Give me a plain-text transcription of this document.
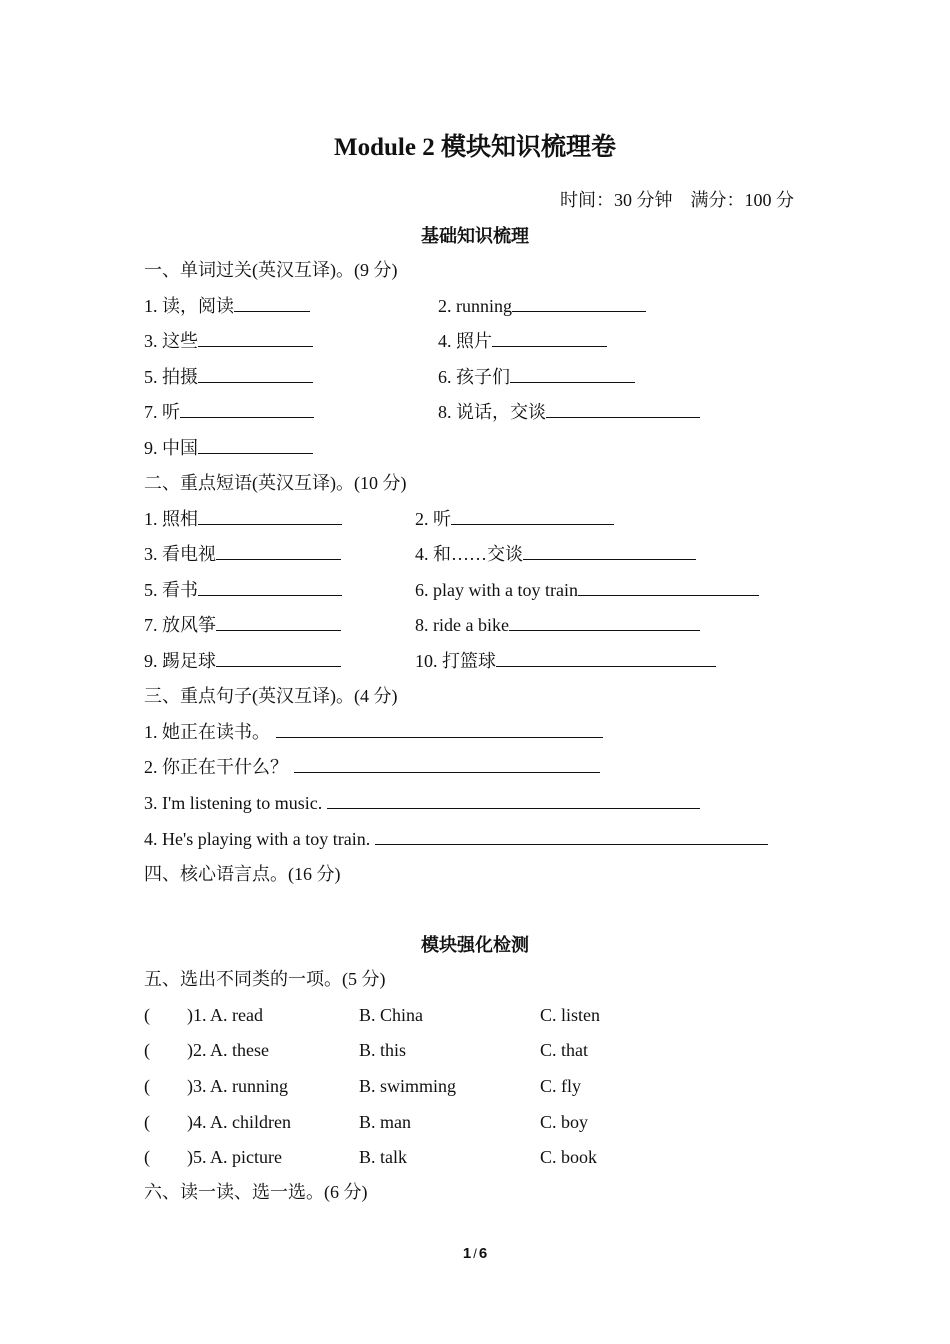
Module 2 模块知识梳理卷
时间：30 分钟　满分：100 分
基础知识梳理
一、单词过关(英汉互译)。(9 分)
1. 读，阅读	2. running
3. 这些	4. 照片
5. 拍摄	6. 孩子们
7. 听	8. 说话，交谈
9. 中国
二、重点短语(英汉互译)。(10 分)
1. 照相	2. 听
3. 看电视	4. 和……交谈
5. 看书	6. play with a toy train
7. 放风筝	8. ride a bike
9. 踢足球	10. 打篮球
三、重点句子(英汉互译)。(4 分)
1. 她正在读书。
2. 你正在干什么？
3. I'm listening to music.
4. He's playing with a toy train.
四、核心语言点。(16 分)
模块强化检测
五、选出不同类的一项。(5 分)
( )1. A. read	B. China	C. listen
( )2. A. these	B. this	C. that
( )3. A. running	B. swimming	C. fly
( )4. A. children	B. man	C. boy
( )5. A. picture	B. talk	C. book
六、读一读、选一选。(6 分)
1 / 6
